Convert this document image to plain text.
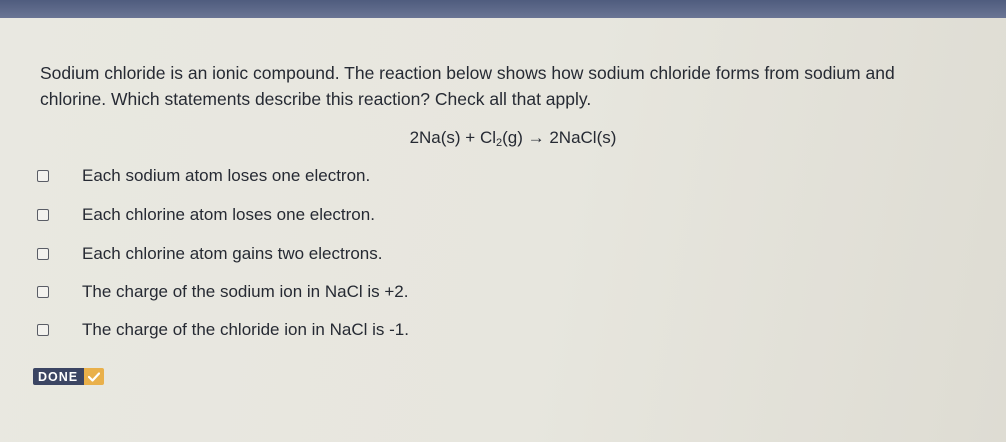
Sodium chloride is an ionic compound. The reaction below shows how sodium chloride forms from sodium and chlorine. Which statements describe this reaction? Check all that apply.

$2Na(s) + Cl_2(g)$ → 2NaCl(s)
Each sodium atom loses one electron.
Each chlorine atom loses one electron.
Each chlorine atom gains two electrons.
The charge of the sodium ion in NaCl is +2.
The charge of the chloride ion in NaCl is -1.
DONE
